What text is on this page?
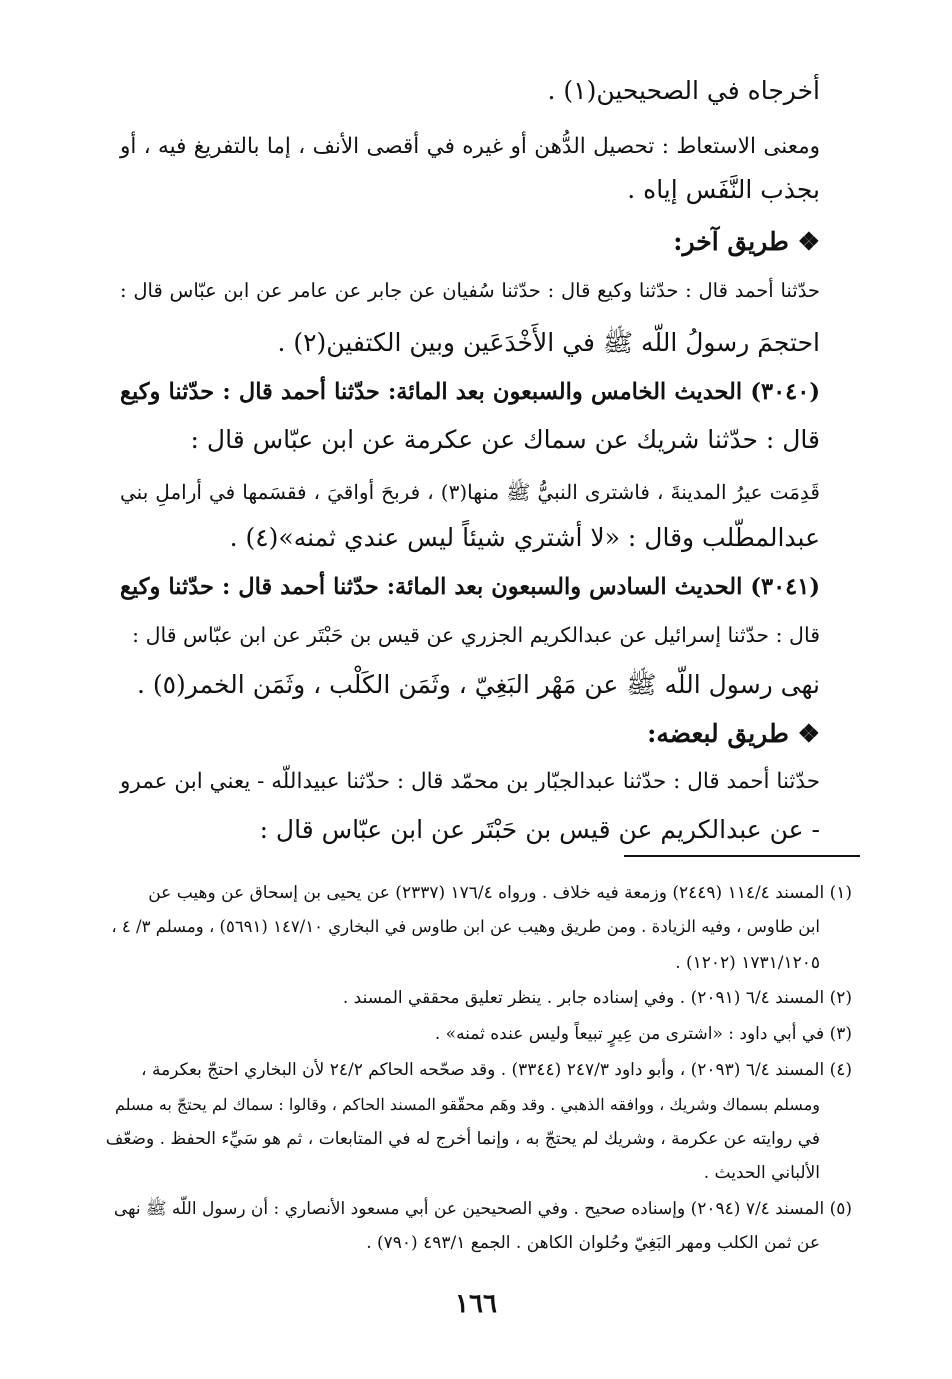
أخرجاه في الصحيحين(١) .
ومعنى الاستعاط : تحصيل الدُّهن أو غيره في أقصى الأنف ، إما بالتفريغ فيه ، أو
بجذب النَّفَس إياه .
❖ طريق آخر:
حدّثنا أحمد قال : حدّثنا وكيع قال : حدّثنا سُفيان عن جابر عن عامر عن ابن عبّاس قال :
احتجمَ رسولُ اللّه ﷺ في الأَخْدَعَين وبين الكتفين(٢) .
(٣٠٤٠) الحديث الخامس والسبعون بعد المائة: حدّثنا أحمد قال : حدّثنا وكيع
قال : حدّثنا شريك عن سماك عن عكرمة عن ابن عبّاس قال :
قَدِمَت عيرُ المدينةَ ، فاشترى النبيُّ ﷺ منها(٣) ، فربحَ أواقيَ ، فقسَمها في أراملِ بني
عبدالمطّلب وقال : «لا أشتري شيئاً ليس عندي ثمنه»(٤) .
(٣٠٤١) الحديث السادس والسبعون بعد المائة: حدّثنا أحمد قال : حدّثنا وكيع
قال : حدّثنا إسرائيل عن عبدالكريم الجزري عن قيس بن حَبْتَر عن ابن عبّاس قال :
نهى رسول اللّه ﷺ عن مَهْر البَغِيّ ، وثَمَن الكَلْب ، وثَمَن الخمر(٥) .
❖ طريق لبعضه:
حدّثنا أحمد قال : حدّثنا عبدالجبّار بن محمّد قال : حدّثنا عبيداللّه - يعني ابن عمرو
- عن عبدالكريم عن قيس بن حَبْتَر عن ابن عبّاس قال :
(١) المسند ١١٤/٤ (٢٤٤٩) وزمعة فيه خلاف . ورواه ١٧٦/٤ (٢٣٣٧) عن يحيى بن إسحاق عن وهيب عن
ابن طاوس ، وفيه الزيادة . ومن طريق وهيب عن ابن طاوس في البخاري ١٤٧/١٠ (٥٦٩١) ، ومسلم ٣/ ٤ ،
١٧٣١/١٢٠٥ (١٢٠٢) .
(٢) المسند ٦/٤ (٢٠٩١) . وفي إسناده جابر . ينظر تعليق محققي المسند .
(٣) في أبي داود : «اشترى من عِيرٍ تبيعاً وليس عنده ثمنه» .
(٤) المسند ٦/٤ (٢٠٩٣) ، وأبو داود ٢٤٧/٣ (٣٣٤٤) . وقد صحّحه الحاكم ٢٤/٢ لأن البخاري احتجّ بعكرمة ،
ومسلم بسماك وشريك ، ووافقه الذهبي . وقد وهَم محقّقو المسند الحاكم ، وقالوا : سماك لم يحتجّ به مسلم
في روايته عن عكرمة ، وشريك لم يحتجّ به ، وإنما أخرج له في المتابعات ، ثم هو سَيِّء الحفظ . وضعّف
الألباني الحديث .
(٥) المسند ٧/٤ (٢٠٩٤) وإسناده صحيح . وفي الصحيحين عن أبي مسعود الأنصاري : أن رسول اللّه ﷺ نهى
عن ثمن الكلب ومهر البَغِيّ وحُلوان الكاهن . الجمع ٤٩٣/١ (٧٩٠) .
١٦٦
